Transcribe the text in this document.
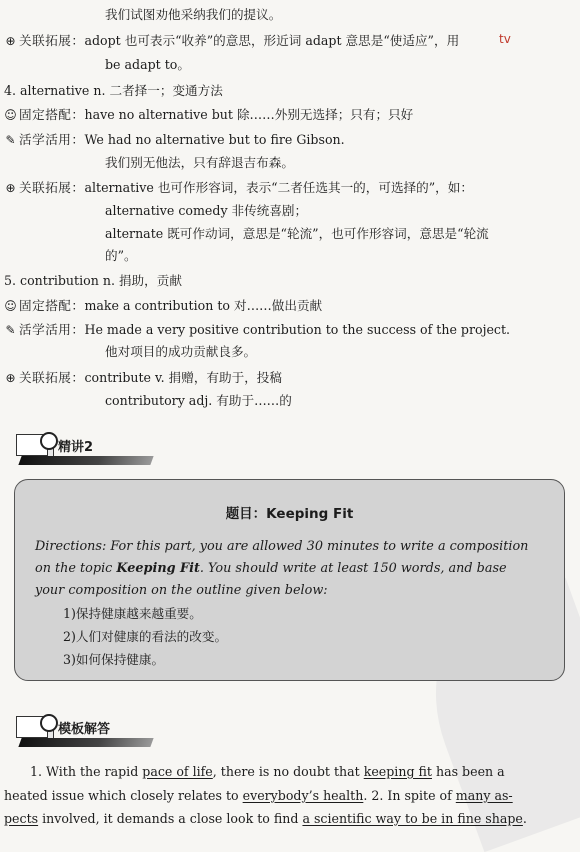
我们试图劝他采纳我们的提议。
⊕ 关联拓展：adopt 也可表示“收养”的意思，形近词 adapt 意思是“使适应”，用	tv
be adapt to。
4. alternative n. 二者择一；变通方法
☺ 固定搭配：have no alternative but 除……外别无选择；只有；只好
✎ 活学活用：We had no alternative but to fire Gibson.
我们别无他法，只有辞退吉布森。
⊕ 关联拓展：alternative 也可作形容词，表示“二者任选其一的，可选择的”，如：
alternative comedy 非传统喜剧；
alternate 既可作动词，意思是“轮流”，也可作形容词，意思是“轮流
的”。
5. contribution n. 捐助，贡献
☺ 固定搭配：make a contribution to 对……做出贡献
✎ 活学活用：He made a very positive contribution to the success of the project.
他对项目的成功贡献良多。
⊕ 关联拓展：contribute v. 捐赠，有助于，投稿
contributory adj. 有助于……的
精讲2
题目：Keeping Fit
Directions: For this part, you are allowed 30 minutes to write a composition
on the topic Keeping Fit. You should write at least 150 words, and base
your composition on the outline given below:
1)保持健康越来越重要。
2)人们对健康的看法的改变。
3)如何保持健康。
模板解答
1. With the rapid pace of life, there is no doubt that keeping fit has been a
heated issue which closely relates to everybody’s health. 2. In spite of many as-
pects involved, it demands a close look to find a scientific way to be in fine shape.
